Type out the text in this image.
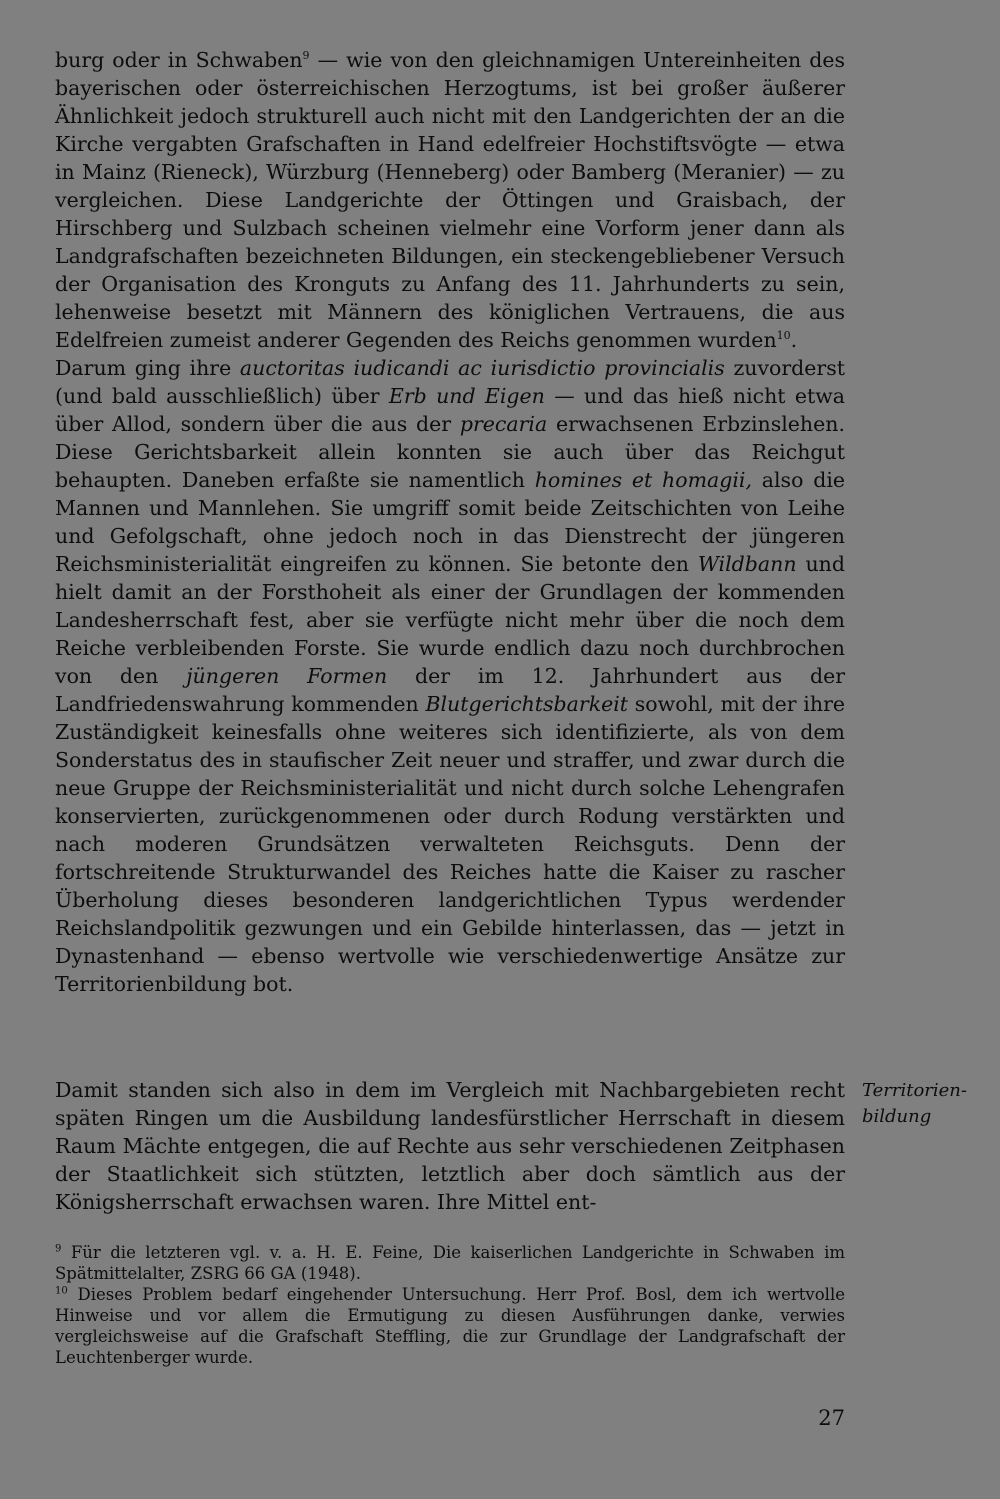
burg oder in Schwaben$^9$ — wie von den gleichnamigen Untereinheiten des bayerischen oder österreichischen Herzogtums, ist bei großer äußerer Ähnlichkeit jedoch strukturell auch nicht mit den Landgerichten der an die Kirche vergabten Grafschaften in Hand edelfreier Hochstiftsvögte — etwa in Mainz (Rieneck), Würzburg (Henneberg) oder Bamberg (Meranier) — zu vergleichen. Diese Landgerichte der Öttingen und Graisbach, der Hirschberg und Sulzbach scheinen vielmehr eine Vorform jener dann als Landgrafschaften bezeichneten Bildungen, ein steckengebliebener Versuch der Organisation des Kronguts zu Anfang des 11. Jahrhunderts zu sein, lehenweise besetzt mit Männern des königlichen Vertrauens, die aus Edelfreien zumeist anderer Gegenden des Reichs genommen wurden$^{10}$.

Darum ging ihre auctoritas iudicandi ac iurisdictio provincialis zuvorderst (und bald ausschließlich) über Erb und Eigen — und das hieß nicht etwa über Allod, sondern über die aus der precaria erwachsenen Erbzinslehen. Diese Gerichtsbarkeit allein konnten sie auch über das Reichgut behaupten. Daneben erfaßte sie namentlich homines et homagii, also die Mannen und Mannlehen. Sie umgriff somit beide Zeitschichten von Leihe und Gefolgschaft, ohne jedoch noch in das Dienstrecht der jüngeren Reichsministerialität eingreifen zu können. Sie betonte den Wildbann und hielt damit an der Forsthoheit als einer der Grundlagen der kommenden Landesherrschaft fest, aber sie verfügte nicht mehr über die noch dem Reiche verbleibenden Forste. Sie wurde endlich dazu noch durchbrochen von den jüngeren Formen der im 12. Jahrhundert aus der Landfriedenswahrung kommenden Blutgerichtsbarkeit sowohl, mit der ihre Zuständigkeit keinesfalls ohne weiteres sich identifizierte, als von dem Sonderstatus des in staufischer Zeit neuer und straffer, und zwar durch die neue Gruppe der Reichsministerialität und nicht durch solche Lehengrafen konservierten, zurückgenommenen oder durch Rodung verstärkten und nach moderen Grundsätzen verwalteten Reichsguts. Denn der fortschreitende Strukturwandel des Reiches hatte die Kaiser zu rascher Überholung dieses besonderen landgerichtlichen Typus werdender Reichslandpolitik gezwungen und ein Gebilde hinterlassen, das — jetzt in Dynastenhand — ebenso wertvolle wie verschiedenwertige Ansätze zur Territorienbildung bot.

Damit standen sich also in dem im Vergleich mit Nachbargebieten recht späten Ringen um die Ausbildung landesfürstlicher Herrschaft in diesem Raum Mächte entgegen, die auf Rechte aus sehr verschiedenen Zeitphasen der Staatlichkeit sich stützten, letztlich aber doch sämtlich aus der Königsherrschaft erwachsen waren. Ihre Mittel ent-

Territorien-
bildung

$^9$ Für die letzteren vgl. v. a. H. E. Feine, Die kaiserlichen Landgerichte in Schwaben im Spätmittelalter, ZSRG 66 GA (1948).

$^{10}$ Dieses Problem bedarf eingehender Untersuchung. Herr Prof. Bosl, dem ich wertvolle Hinweise und vor allem die Ermutigung zu diesen Ausführungen danke, verwies vergleichsweise auf die Grafschaft Steffling, die zur Grundlage der Landgrafschaft der Leuchtenberger wurde.

27
